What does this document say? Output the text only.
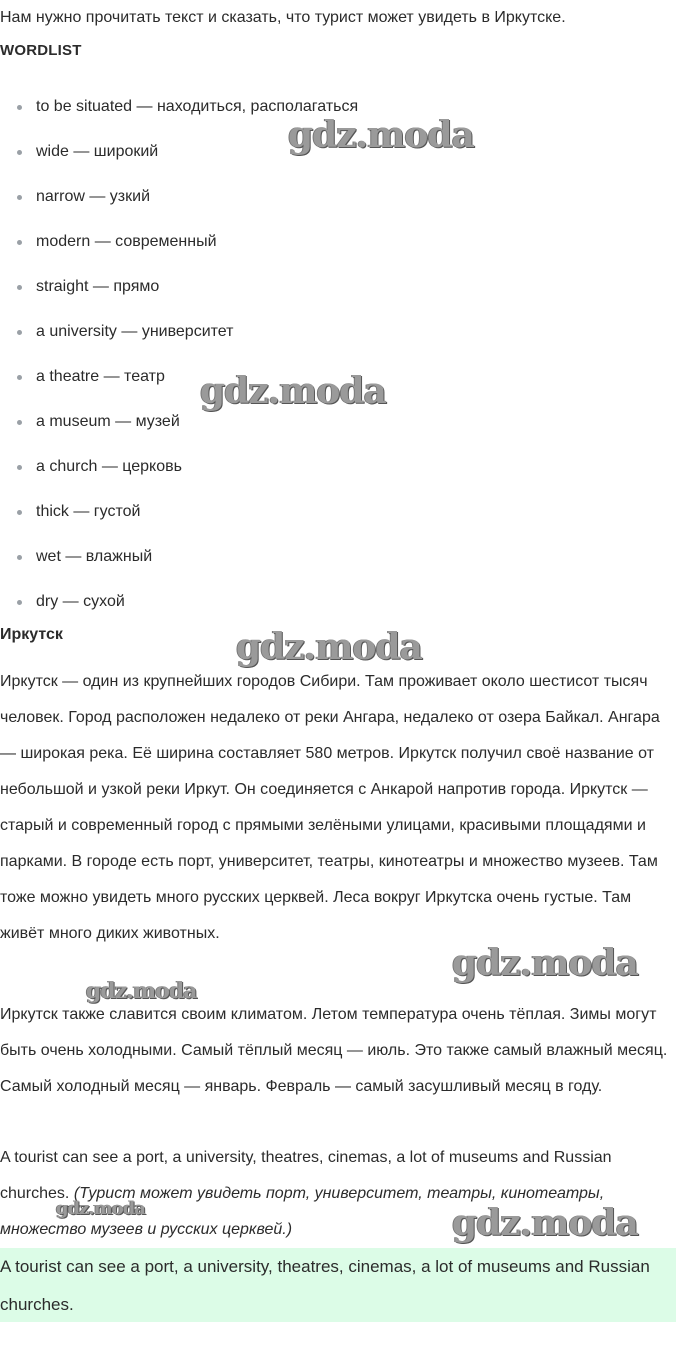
Нам нужно прочитать текст и сказать, что турист может увидеть в Иркутске.

WORDLIST

to be situated — находиться, располагаться
wide — широкий
narrow — узкий
modern — современный
straight — прямо
a university — университет
a theatre — театр
a museum — музей
a church — церковь
thick — густой
wet — влажный
dry — сухой

Иркутск

Иркутск — один из крупнейших городов Сибири. Там проживает около шестисот тысяч человек. Город расположен недалеко от реки Ангара, недалеко от озера Байкал. Ангара — широкая река. Её ширина составляет 580 метров. Иркутск получил своё название от небольшой и узкой реки Иркут. Он соединяется с Анкарой напротив города. Иркутск — старый и современный город с прямыми зелёными улицами, красивыми площадями и парками. В городе есть порт, университет, театры, кинотеатры и множество музеев. Там тоже можно увидеть много русских церквей. Леса вокруг Иркутска очень густые. Там живёт много диких животных.

Иркутск также славится своим климатом. Летом температура очень тёплая. Зимы могут быть очень холодными. Самый тёплый месяц — июль. Это также самый влажный месяц. Самый холодный месяц — январь. Февраль — самый засушливый месяц в году.

A tourist can see a port, a university, theatres, cinemas, a lot of museums and Russian churches. (Турист может увидеть порт, университет, театры, кинотеатры, множество музеев и русских церквей.)

A tourist can see a port, a university, theatres, cinemas, a lot of museums and Russian churches.

gdz.moda
gdz.moda
gdz.moda
gdz.moda
gdz.moda
gdz.moda	gdz.moda
